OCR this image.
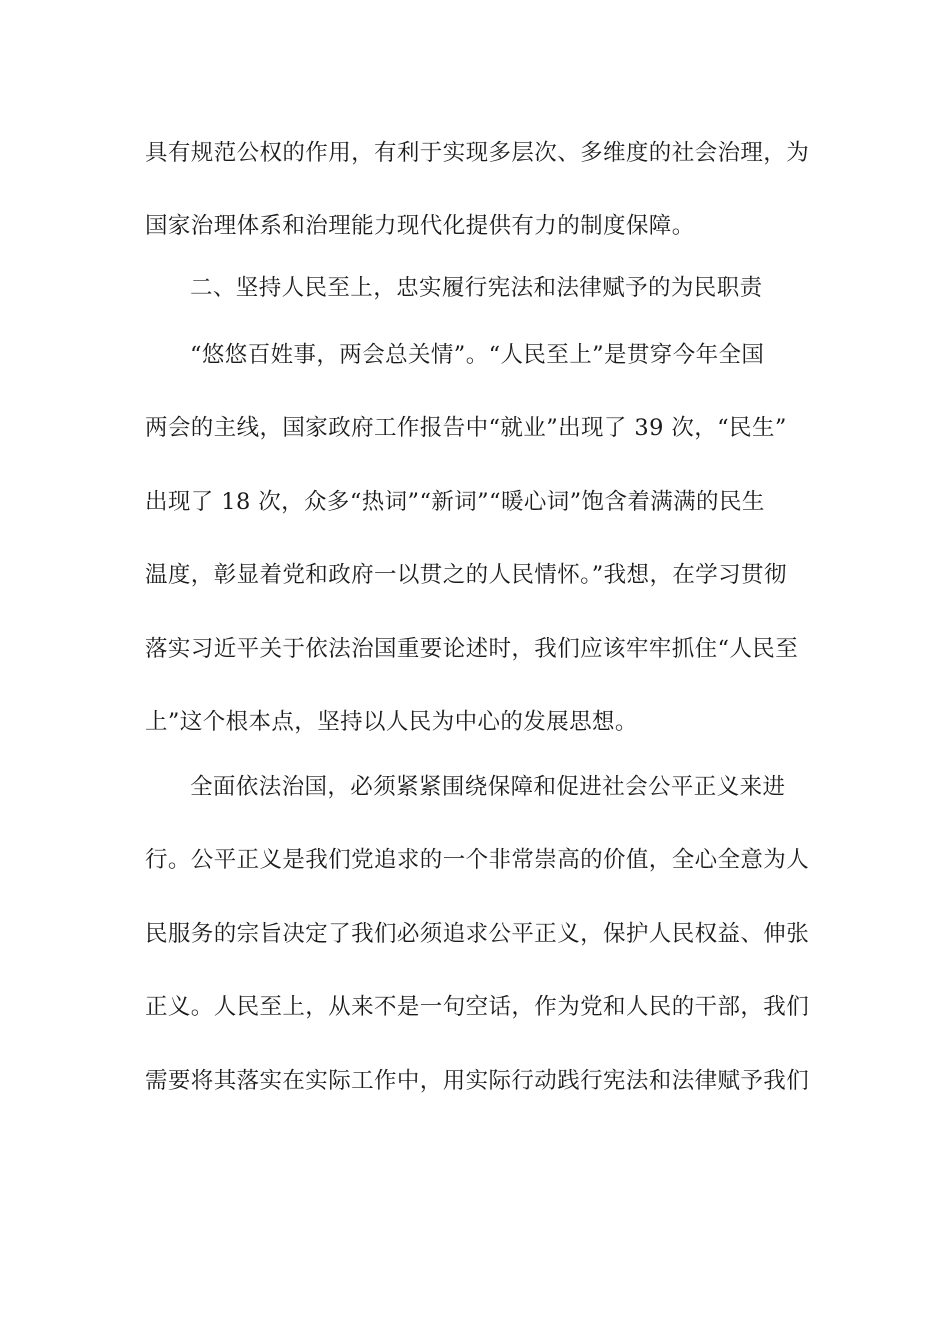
具有规范公权的作用，有利于实现多层次、多维度的社会治理，为
国家治理体系和治理能力现代化提供有力的制度保障。
二、坚持人民至上，忠实履行宪法和法律赋予的为民职责
“悠悠百姓事，两会总关情”。“人民至上”是贯穿今年全国
两会的主线，国家政府工作报告中“就业”出现了 39 次，“民生”
出现了 18 次，众多“热词”“新词”“暖心词”饱含着满满的民生
温度，彰显着党和政府一以贯之的人民情怀。”我想，在学习贯彻
落实习近平关于依法治国重要论述时，我们应该牢牢抓住“人民至
上”这个根本点，坚持以人民为中心的发展思想。
全面依法治国，必须紧紧围绕保障和促进社会公平正义来进
行。公平正义是我们党追求的一个非常崇高的价值，全心全意为人
民服务的宗旨决定了我们必须追求公平正义，保护人民权益、伸张
正义。人民至上，从来不是一句空话，作为党和人民的干部，我们
需要将其落实在实际工作中，用实际行动践行宪法和法律赋予我们
